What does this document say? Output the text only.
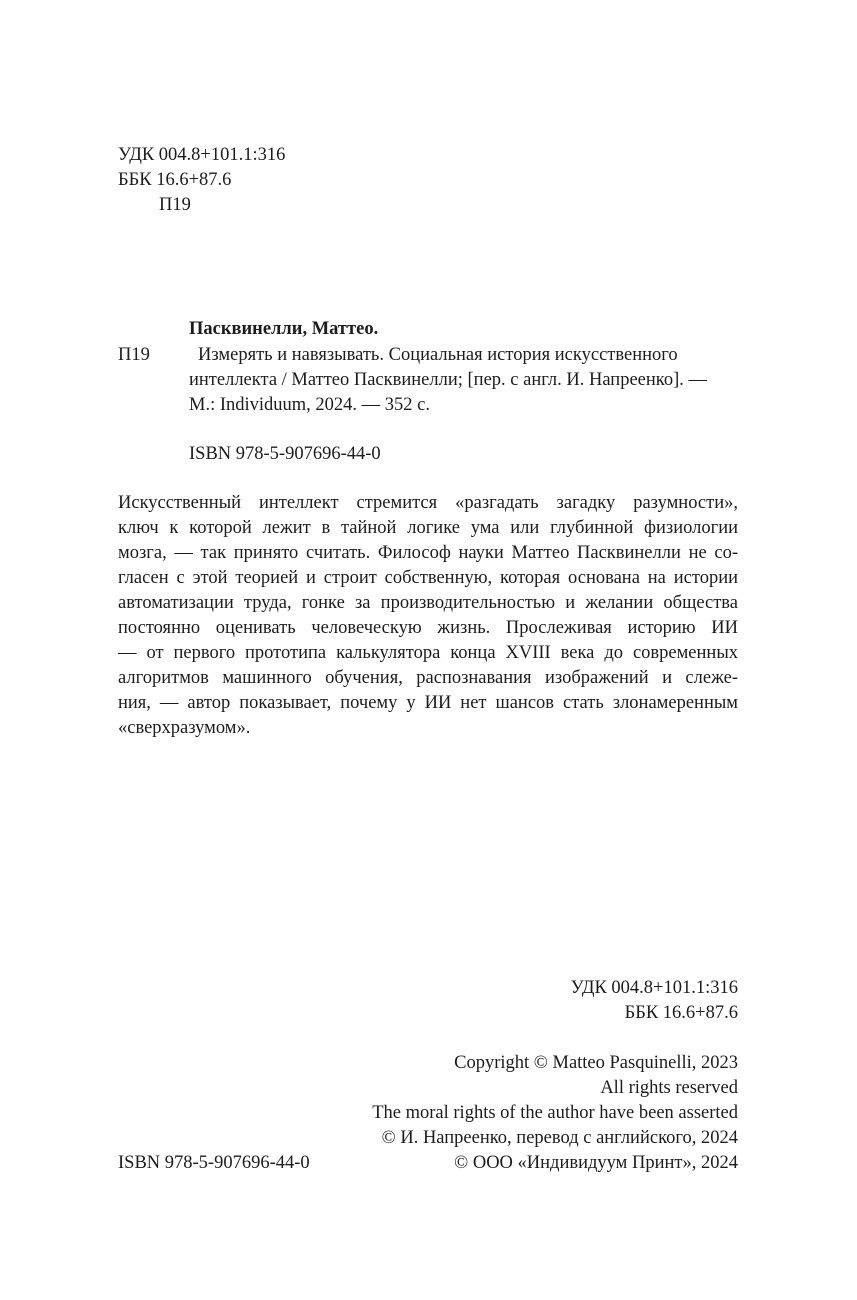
УДК 004.8+101.1:316
ББК 16.6+87.6
П19
Пасквинелли, Маттео.
П19	Измерять и навязывать. Социальная история искусственного
интеллекта / Маттео Пасквинелли; [пер. с англ. И. Напреенко]. —
М.: Individuum, 2024. — 352 с.
ISBN 978-5-907696-44-0
Искусственный интеллект стремится «разгадать загадку разумности»,
ключ к которой лежит в тайной логике ума или глубинной физиологии
мозга, — так принято считать. Философ науки Маттео Пасквинелли не со-
гласен с этой теорией и строит собственную, которая основана на истории
автоматизации труда, гонке за производительностью и желании общества
постоянно оценивать человеческую жизнь. Прослеживая историю ИИ
— от первого прототипа калькулятора конца XVIII века до современных
алгоритмов машинного обучения, распознавания изображений и слеже-
ния, — автор показывает, почему у ИИ нет шансов стать злонамеренным
«сверхразумом».
УДК 004.8+101.1:316
ББК 16.6+87.6
Copyright © Matteo Pasquinelli, 2023
All rights reserved
The moral rights of the author have been asserted
© И. Напреенко, перевод с английского, 2024
© ООО «Индивидуум Принт», 2024
ISBN 978-5-907696-44-0
